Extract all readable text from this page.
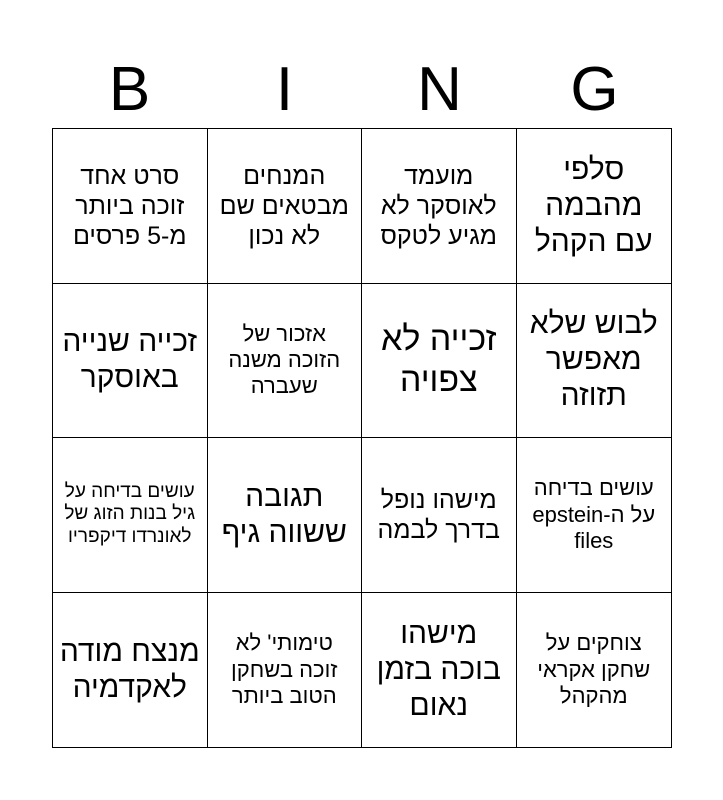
B	I	N	G
סרט אחד זוכה ביותר מ-5 פרסים
המנחים מבטאים שם לא נכון
מועמד לאוסקר לא מגיע לטקס
סלפי מהבמה עם הקהל
זכייה שנייה באוסקר
אזכור של הזוכה משנה שעברה
זכייה לא צפויה
לבוש שלא מאפשר תזוזה
עושים בדיחה על גיל בנות הזוג של לאונרדו דיקפריו
תגובה ששווה גיף
מישהו נופל בדרך לבמה
עושים בדיחה על ה-epstein files
מנצח מודה לאקדמיה
טימותי' לא זוכה בשחקן הטוב ביותר
מישהו בוכה בזמן נאום
צוחקים על שחקן אקראי מהקהל
